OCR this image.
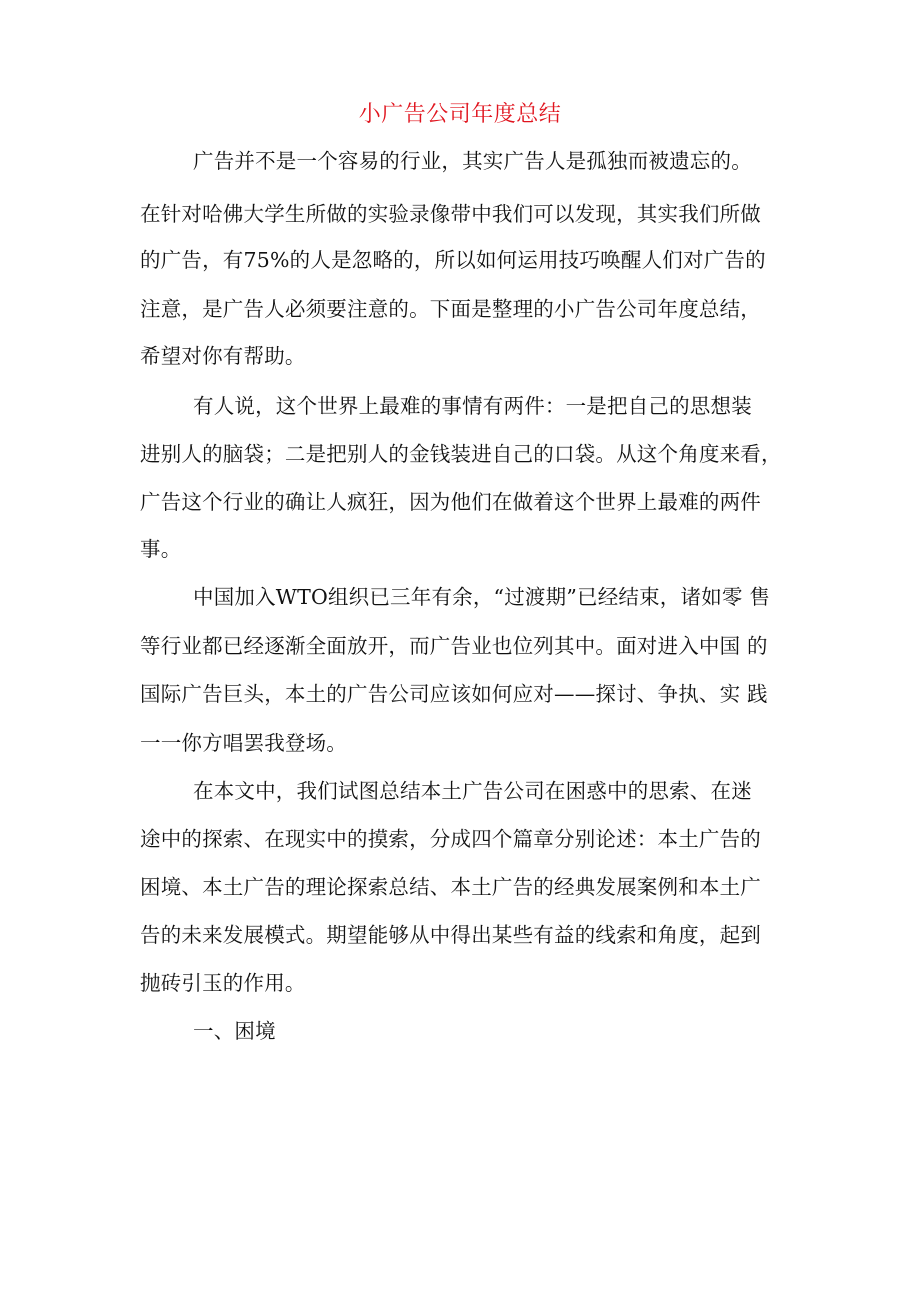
小广告公司年度总结
广告并不是一个容易的行业，其实广告人是孤独而被遗忘的。
在针对哈佛大学生所做的实验录像带中我们可以发现，其实我们所做
的广告，有75%的人是忽略的，所以如何运用技巧唤醒人们对广告的
注意，是广告人必须要注意的。下面是整理的小广告公司年度总结，
希望对你有帮助。
有人说，这个世界上最难的事情有两件：一是把自己的思想装
进别人的脑袋；二是把别人的金钱装进自己的口袋。从这个角度来看，
广告这个行业的确让人疯狂，因为他们在做着这个世界上最难的两件
事。
中国加入WTO组织已三年有余，“过渡期”已经结束，诸如零 售
等行业都已经逐渐全面放开，而广告业也位列其中。面对进入中国 的
国际广告巨头，本土的广告公司应该如何应对——探讨、争执、实 践
一一你方唱罢我登场。
在本文中，我们试图总结本土广告公司在困惑中的思索、在迷
途中的探索、在现实中的摸索，分成四个篇章分别论述：本土广告的
困境、本土广告的理论探索总结、本土广告的经典发展案例和本土广
告的未来发展模式。期望能够从中得出某些有益的线索和角度，起到
抛砖引玉的作用。
一、困境
